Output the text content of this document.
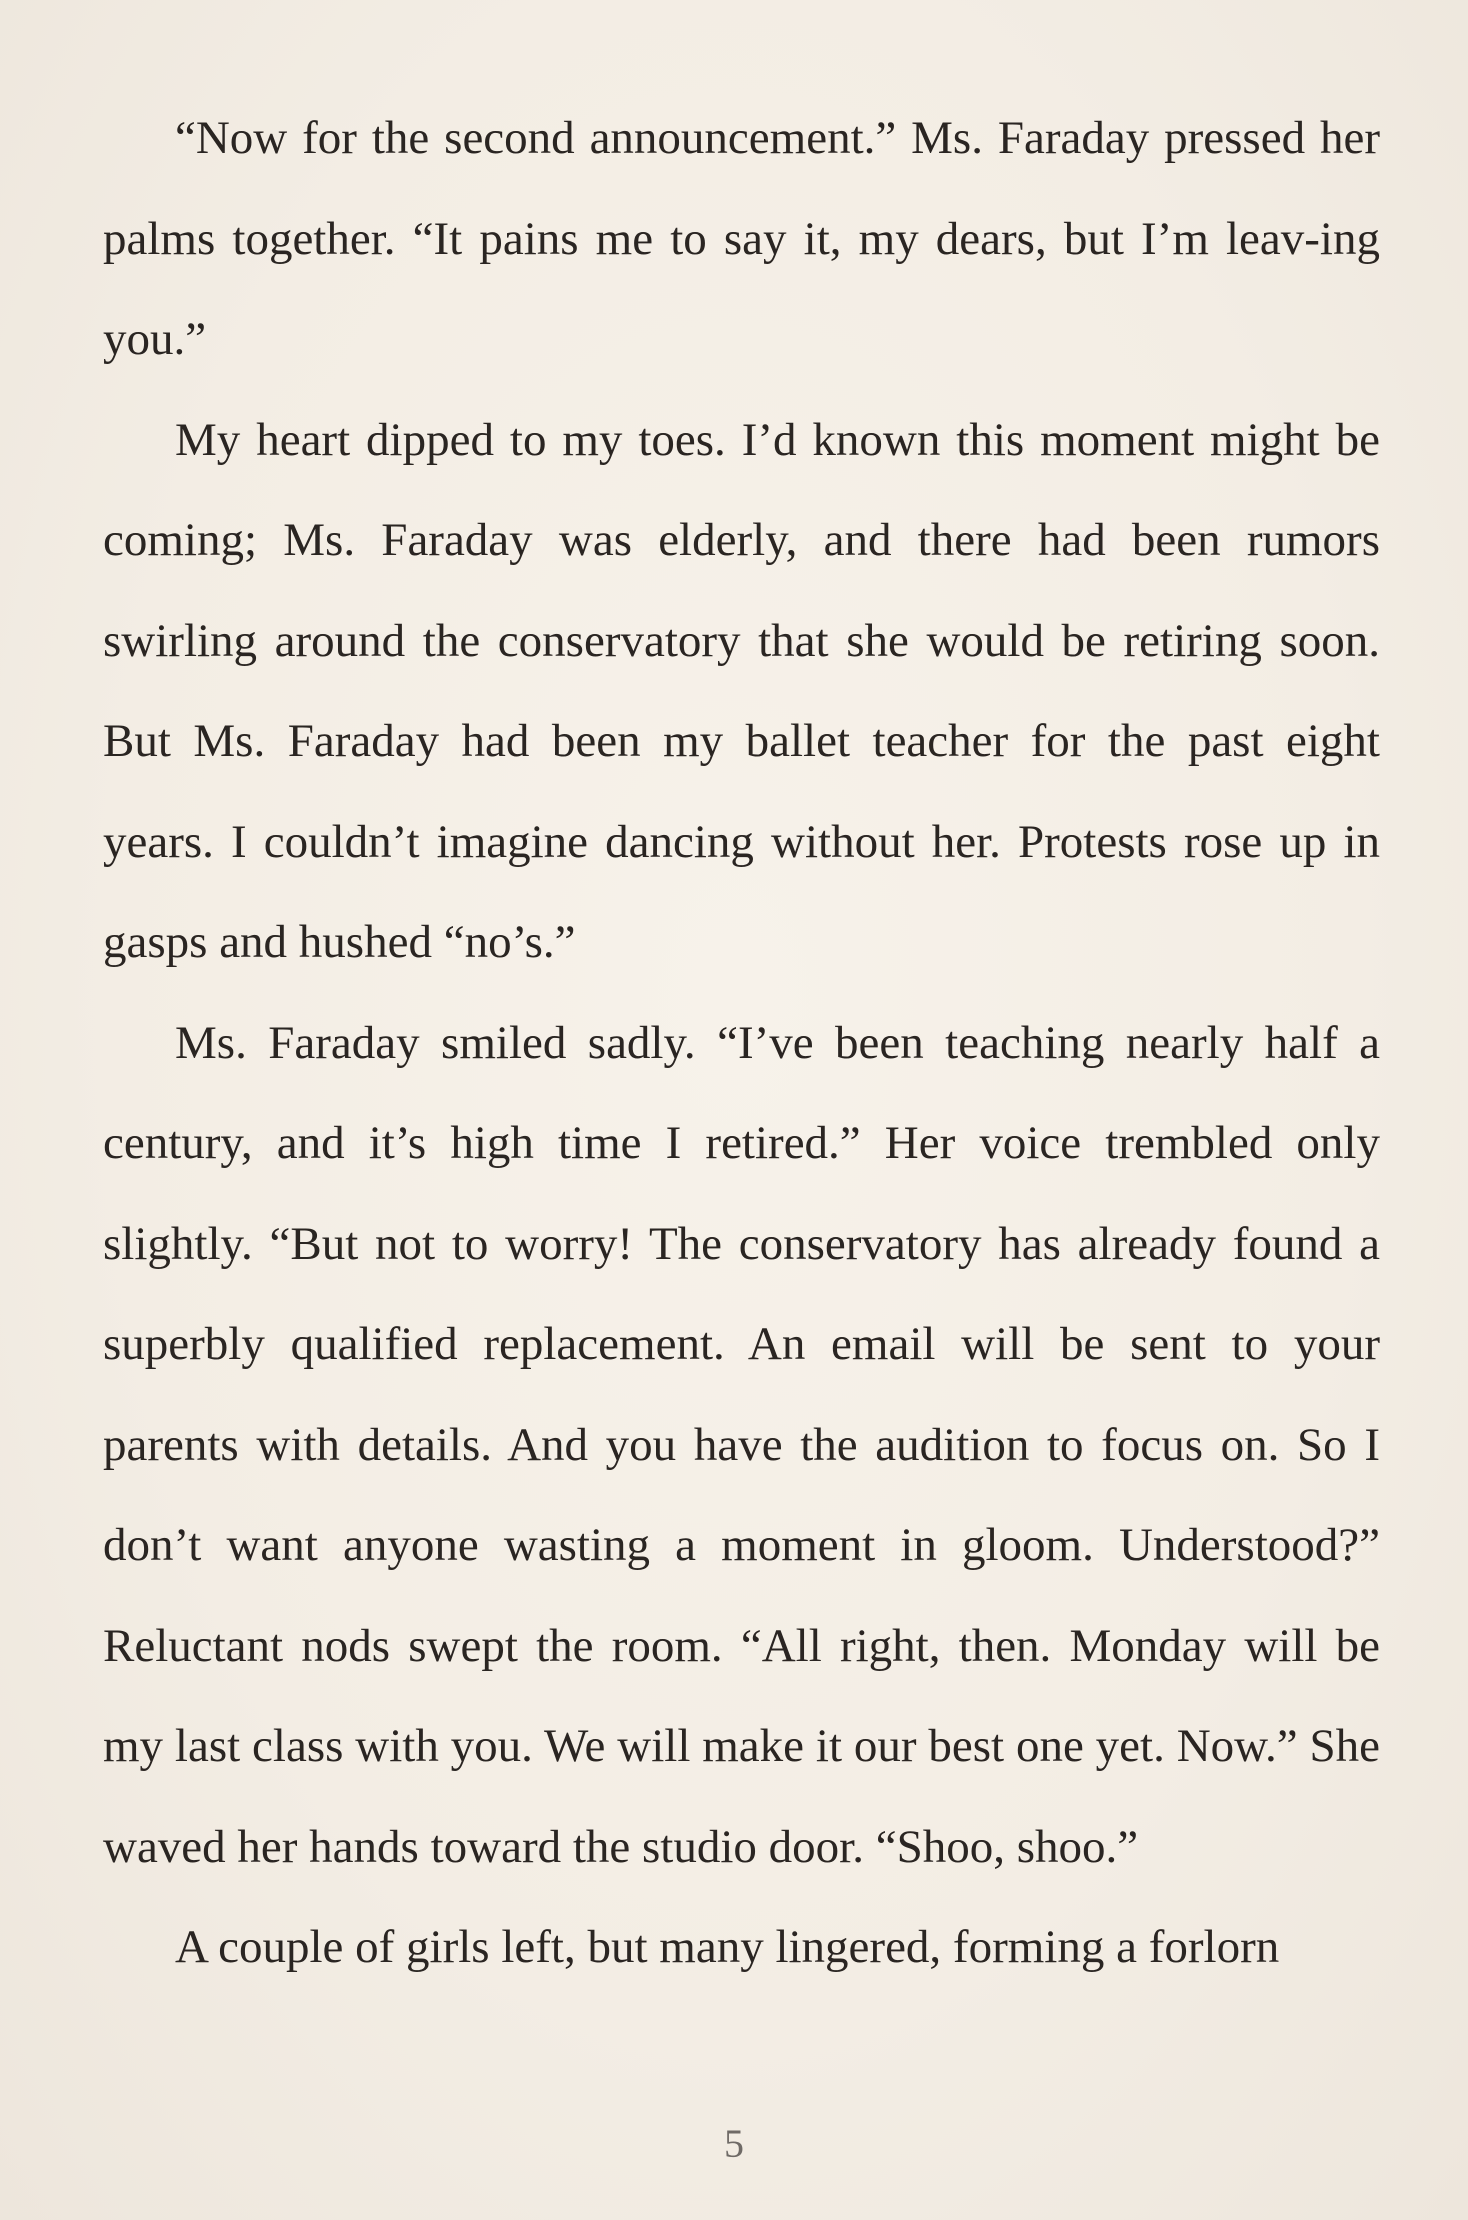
“Now for the second announcement.” Ms. Faraday pressed her palms together. “It pains me to say it, my dears, but I’m leav-ing you.”

My heart dipped to my toes. I’d known this moment might be coming; Ms. Faraday was elderly, and there had been rumors swirling around the conservatory that she would be retiring soon. But Ms. Faraday had been my ballet teacher for the past eight years. I couldn’t imagine dancing without her. Protests rose up in gasps and hushed “no’s.”

Ms. Faraday smiled sadly. “I’ve been teaching nearly half a century, and it’s high time I retired.” Her voice trembled only slightly. “But not to worry! The conservatory has already found a superbly qualified replacement. An email will be sent to your parents with details. And you have the audition to focus on. So I don’t want anyone wasting a moment in gloom. Understood?” Reluctant nods swept the room. “All right, then. Monday will be my last class with you. We will make it our best one yet. Now.” She waved her hands toward the studio door. “Shoo, shoo.”

A couple of girls left, but many lingered, forming a forlorn

5
